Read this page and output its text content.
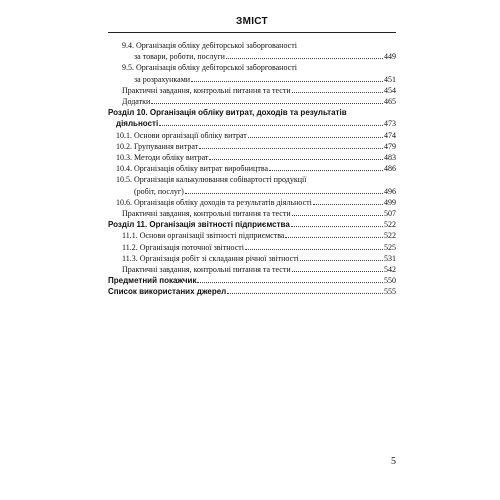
ЗМІСТ
9.4. Організація обліку дебіторської заборгованості
за товари, роботи, послуги	449
9.5. Організація обліку дебіторської заборгованості
за розрахунками	451
Практичні завдання, контрольні питання та тести	454
Додатки	465
Розділ 10. Організація обліку витрат, доходів та результатів
діяльності	473
10.1. Основи організації обліку витрат	474
10.2. Групування витрат	479
10.3. Методи обліку витрат	483
10.4. Організація обліку витрат виробництва	486
10.5. Організація калькулювання собівартості продукції
(робіт, послуг)	496
10.6. Організація обліку доходів та результатів діяльності	499
Практичні завдання, контрольні питання та тести	507
Розділ 11. Організація звітності підприємства	522
11.1. Основи організації звітності підприємства	522
11.2. Організація поточної звітності	525
11.3. Організація робіт зі складання річної звітності	531
Практичні завдання, контрольні питання та тести	542
Предметний покажчик	550
Список використаних джерел	555
5
